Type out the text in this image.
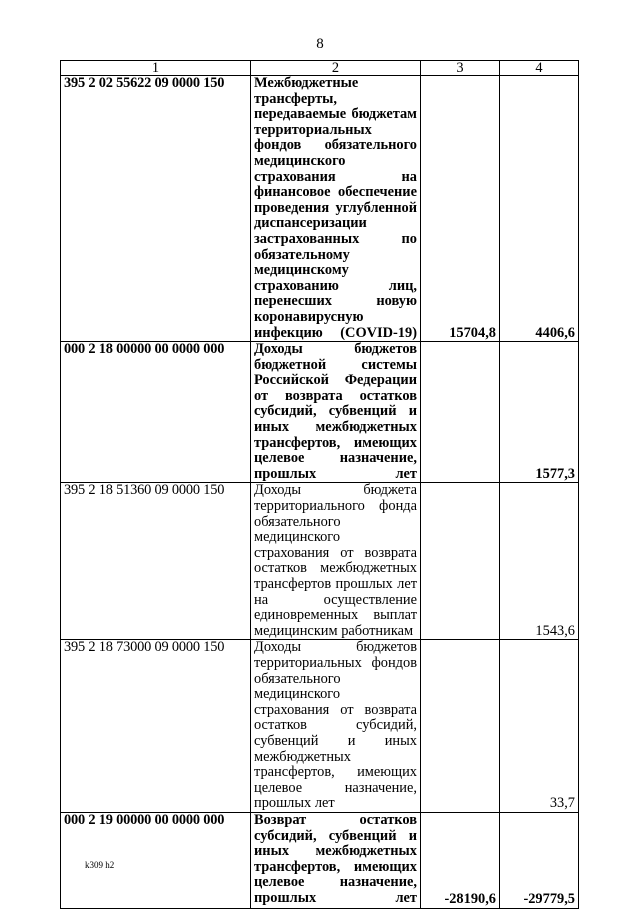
8
1	2	3	4
395 2 02 55622 09 0000 150	Межбюджетные трансферты, передаваемые бюджетам территориальных фондов обязательного медицинского страхования на финансовое обеспечение проведения углубленной диспансеризации застрахованных по обязательному медицинскому страхованию лиц, перенесших новую коронавирусную инфекцию (COVID-19)	15704,8	4406,6
000 2 18 00000 00 0000 000	Доходы бюджетов бюджетной системы Российской Федерации от возврата остатков субсидий, субвенций и иных межбюджетных трансфертов, имеющих целевое назначение, прошлых лет		1577,3
395 2 18 51360 09 0000 150	Доходы бюджета территориального фонда обязательного медицинского страхования от возврата остатков межбюджетных трансфертов прошлых лет на осуществление единовременных выплат медицинским работникам		1543,6
395 2 18 73000 09 0000 150	Доходы бюджетов территориальных фондов обязательного медицинского страхования от возврата остатков субсидий, субвенций и иных межбюджетных трансфертов, имеющих целевое назначение, прошлых лет		33,7
000 2 19 00000 00 0000 000	Возврат остатков субсидий, субвенций и иных межбюджетных трансфертов, имеющих целевое назначение, прошлых лет	-28190,6	-29779,5
k309 h2
